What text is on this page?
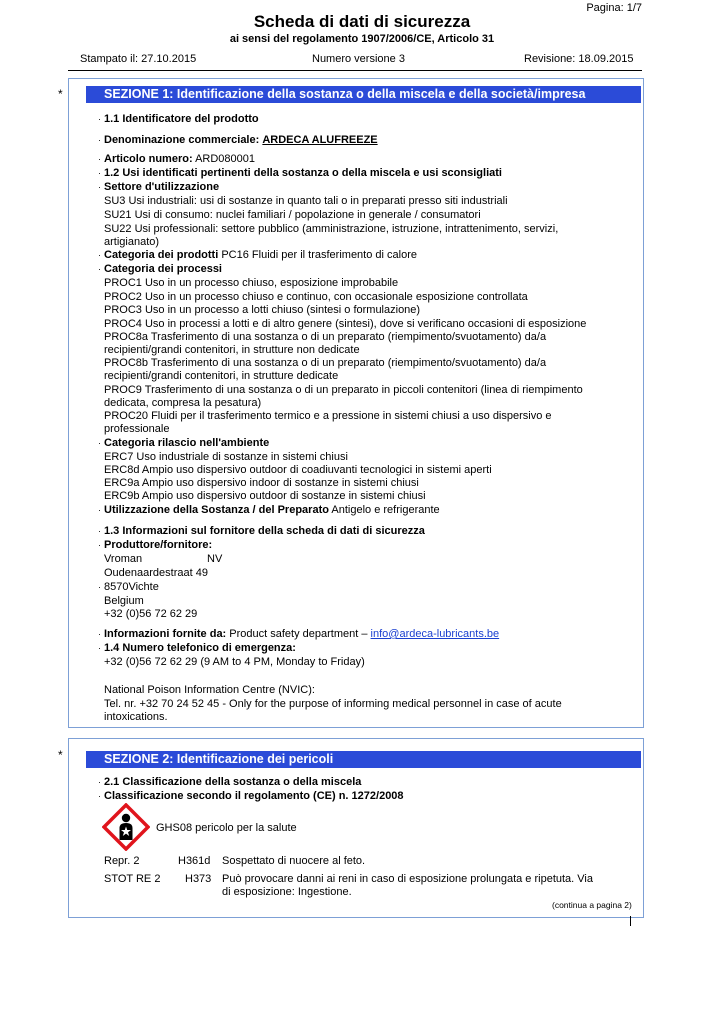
Pagina: 1/7
Scheda di dati di sicurezza
ai sensi del regolamento 1907/2006/CE, Articolo 31
Stampato il: 27.10.2015	Numero versione 3	Revisione: 18.09.2015
*	SEZIONE 1: Identificazione della sostanza o della miscela e della società/impresa
· 1.1 Identificatore del prodotto
· Denominazione commerciale: ARDECA ALUFREEZE
· Articolo numero: ARD080001
· 1.2 Usi identificati pertinenti della sostanza o della miscela e usi sconsigliati
· Settore d'utilizzazione
SU3 Usi industriali: usi di sostanze in quanto tali o in preparati presso siti industriali
SU21 Usi di consumo: nuclei familiari / popolazione in generale / consumatori
SU22 Usi professionali: settore pubblico (amministrazione, istruzione, intrattenimento, servizi,
artigianato)
· Categoria dei prodotti PC16 Fluidi per il trasferimento di calore
· Categoria dei processi
PROC1 Uso in un processo chiuso, esposizione improbabile
PROC2 Uso in un processo chiuso e continuo, con occasionale esposizione controllata
PROC3 Uso in un processo a lotti chiuso (sintesi o formulazione)
PROC4 Uso in processi a lotti e di altro genere (sintesi), dove si verificano occasioni di esposizione
PROC8a Trasferimento di una sostanza o di un preparato (riempimento/svuotamento) da/a
recipienti/grandi contenitori, in strutture non dedicate
PROC8b Trasferimento di una sostanza o di un preparato (riempimento/svuotamento) da/a
recipienti/grandi contenitori, in strutture dedicate
PROC9 Trasferimento di una sostanza o di un preparato in piccoli contenitori (linea di riempimento
dedicata, compresa la pesatura)
PROC20 Fluidi per il trasferimento termico e a pressione in sistemi chiusi a uso dispersivo e
professionale
· Categoria rilascio nell'ambiente
ERC7 Uso industriale di sostanze in sistemi chiusi
ERC8d Ampio uso dispersivo outdoor di coadiuvanti tecnologici in sistemi aperti
ERC9a Ampio uso dispersivo indoor di sostanze in sistemi chiusi
ERC9b Ampio uso dispersivo outdoor di sostanze in sistemi chiusi
· Utilizzazione della Sostanza / del Preparato Antigelo e refrigerante
· 1.3 Informazioni sul fornitore della scheda di dati di sicurezza
· Produttore/fornitore:
Vroman	NV
Oudenaardestraat 49
· 8570Vichte
Belgium
+32 (0)56 72 62 29
· Informazioni fornite da: Product safety department – info@ardeca-lubricants.be
· 1.4 Numero telefonico di emergenza:
+32 (0)56 72 62 29 (9 AM to 4 PM, Monday to Friday)
National Poison Information Centre (NVIC):
Tel. nr. +32 70 24 52 45 - Only for the purpose of informing medical personnel in case of acute
intoxications.
*	SEZIONE 2: Identificazione dei pericoli
· 2.1 Classificazione della sostanza o della miscela
· Classificazione secondo il regolamento (CE) n. 1272/2008
GHS08 pericolo per la salute
Repr. 2	H361d Sospettato di nuocere al feto.
STOT RE 2 H373 Può provocare danni ai reni in caso di esposizione prolungata e ripetuta. Via
di esposizione: Ingestione.
(continua a pagina 2)
